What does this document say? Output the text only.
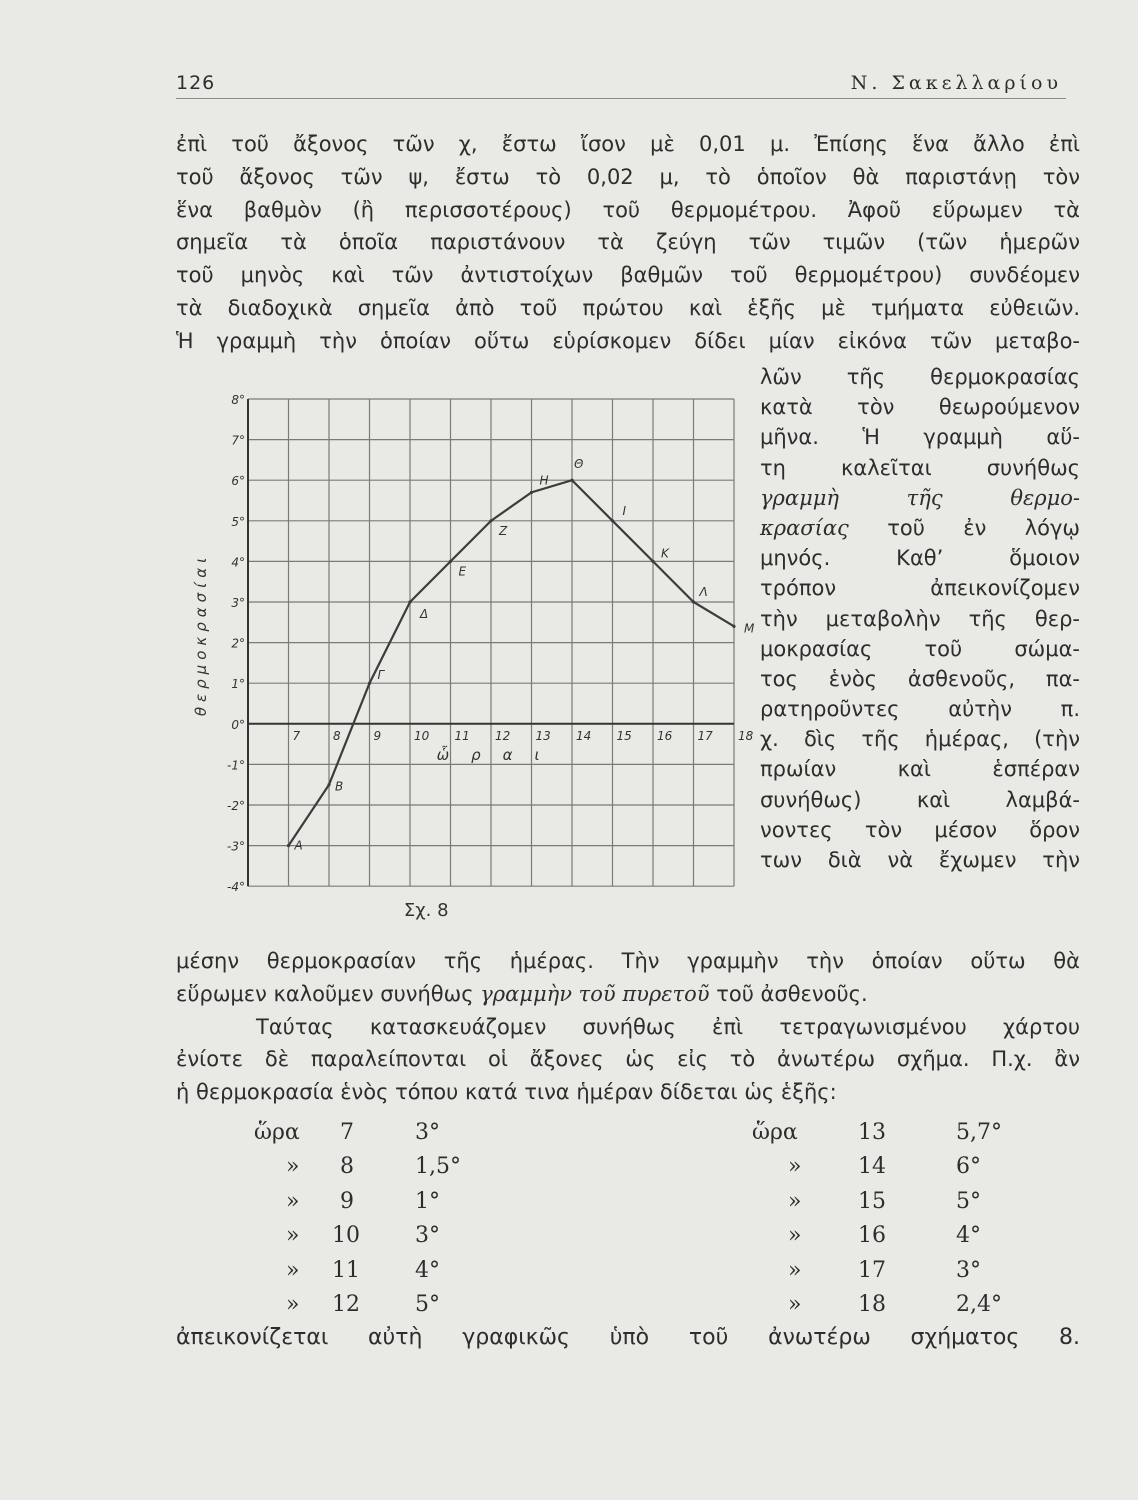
126	Ν. Σακελλαρίου
ἐπὶ τοῦ ἄξονος τῶν χ, ἔστω ἴσον μὲ 0,01 μ. Ἐπίσης ἕνα ἄλλο ἐπὶ
τοῦ ἄξονος τῶν ψ, ἔστω τὸ 0,02 μ, τὸ ὁποῖον θὰ παριστάνῃ τὸν
ἕνα βαθμὸν (ἢ περισσοτέρους) τοῦ θερμομέτρου. Ἀφοῦ εὕρωμεν τὰ
σημεῖα τὰ ὁποῖα παριστάνουν τὰ ζεύγη τῶν τιμῶν (τῶν ἡμερῶν
τοῦ μηνὸς καὶ τῶν ἀντιστοίχων βαθμῶν τοῦ θερμομέτρου) συνδέομεν
τὰ διαδοχικὰ σημεῖα ἀπὸ τοῦ πρώτου καὶ ἑξῆς μὲ τμήματα εὐθειῶν.
Ἡ γραμμὴ τὴν ὁποίαν οὕτω εὑρίσκομεν δίδει μίαν εἰκόνα τῶν μεταβο-
λῶν τῆς θερμοκρασίας
κατὰ τὸν θεωρούμενον
μῆνα. Ἡ γραμμὴ αὕ-
τη καλεῖται συνήθως
γραμμὴ τῆς θερμο-
κρασίας τοῦ ἐν λόγῳ
μηνός. Καθ’ ὅμοιον
τρόπον ἀπεικονίζομεν
τὴν μεταβολὴν τῆς θερ-
μοκρασίας τοῦ σώμα-
τος ἑνὸς ἀσθενοῦς, πα-
ρατηροῦντες αὐτὴν π.
χ. δὶς τῆς ἡμέρας, (τὴν
πρωίαν καὶ ἑσπέραν
συνήθως) καὶ λαμβά-
νοντες τὸν μέσον ὅρον
των διὰ νὰ ἔχωμεν τὴν
-4°
-3°
-2°
-1°
0°
1°
2°
3°
4°
5°
6°
7°
8°
7	8	9	10 11 12 13 14 15 16 17 18
Α
Β
Γ
Δ
Ε
Ζ
Η
Θ
Ι
Κ
Λ
Μ
θερμοκρασίαι
ὧραι
Σχ. 8
μέσην θερμοκρασίαν τῆς ἡμέρας. Τὴν γραμμὴν τὴν ὁποίαν οὕτω θὰ
εὕρωμεν καλοῦμεν συνήθως γραμμὴν τοῦ πυρετοῦ τοῦ ἀσθενοῦς.
Ταύτας κατασκευάζομεν συνήθως ἐπὶ τετραγωνισμένου χάρτου
ἐνίοτε δὲ παραλείπονται οἱ ἄξονες ὡς εἰς τὸ ἀνωτέρω σχῆμα. Π.χ. ἂν
ἡ θερμοκρασία ἑνὸς τόπου κατά τινα ἡμέραν δίδεται ὡς ἑξῆς:
ὥρα 7	3°	ὥρα	13	5,7°
» 8	1,5°	»	14	6°
» 9	1°	»	15	5°
» 10	3°	»	16	4°
» 11	4°	»	17	3°
» 12	5°	»	18	2,4°
ἀπεικονίζεται αὐτὴ γραφικῶς ὑπὸ τοῦ ἀνωτέρω σχήματος 8.
